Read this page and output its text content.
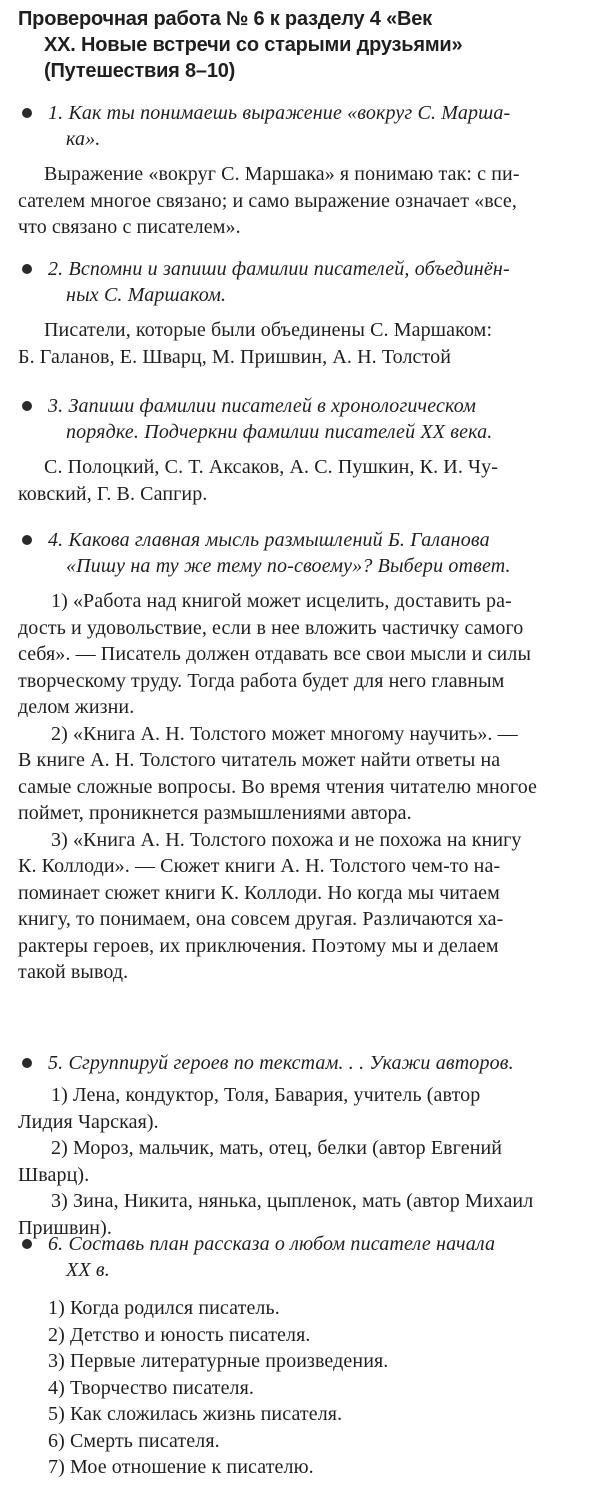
Проверочная работа № 6 к разделу 4 «Век
XX. Новые встречи со старыми друзьями»
(Путешествия 8–10)
1. Как ты понимаешь выражение «вокруг С. Марша-
ка».
Выражение «вокруг С. Маршака» я понимаю так: с пи-
сателем многое связано; и само выражение означает «все,
что связано с писателем».
2. Вспомни и запиши фамилии писателей, объединён-
ных С. Маршаком.
Писатели, которые были объединены С. Маршаком:
Б. Галанов, Е. Шварц, М. Пришвин, А. Н. Толстой
3. Запиши фамилии писателей в хронологическом
порядке. Подчеркни фамилии писателей XX века.
С. Полоцкий, С. Т. Аксаков, А. С. Пушкин, К. И. Чу-
ковский, Г. В. Сапгир.
4. Какова главная мысль размышлений Б. Галанова
«Пишу на ту же тему по-своему»? Выбери ответ.
1) «Работа над книгой может исцелить, доставить ра-
дость и удовольствие, если в нее вложить частичку самого
себя». — Писатель должен отдавать все свои мысли и силы
творческому труду. Тогда работа будет для него главным
делом жизни.
2) «Книга А. Н. Толстого может многому научить». —
В книге А. Н. Толстого читатель может найти ответы на
самые сложные вопросы. Во время чтения читателю многое
поймет, проникнется размышлениями автора.
3) «Книга А. Н. Толстого похожа и не похожа на книгу
К. Коллоди». — Сюжет книги А. Н. Толстого чем-то на-
поминает сюжет книги К. Коллоди. Но когда мы читаем
книгу, то понимаем, она совсем другая. Различаются ха-
рактеры героев, их приключения. Поэтому мы и делаем
такой вывод.
5. Сгруппируй героев по текстам. . . Укажи авторов.
1) Лена, кондуктор, Толя, Бавария, учитель (автор
Лидия Чарская).
2) Мороз, мальчик, мать, отец, белки (автор Евгений
Шварц).
3) Зина, Никита, нянька, цыпленок, мать (автор Михаил
Пришвин).
6. Составь план рассказа о любом писателе начала
XX в.
1) Когда родился писатель.
2) Детство и юность писателя.
3) Первые литературные произведения.
4) Творчество писателя.
5) Как сложилась жизнь писателя.
6) Смерть писателя.
7) Мое отношение к писателю.
